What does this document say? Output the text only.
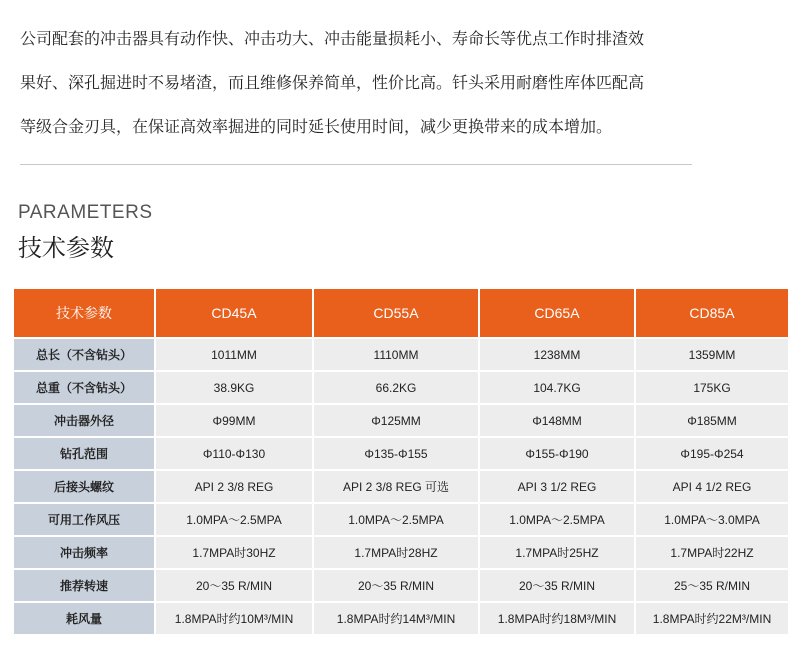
公司配套的冲击器具有动作快、冲击功大、冲击能量损耗小、寿命长等优点工作时排渣效

果好、深孔掘进时不易堵渣，而且维修保养简单，性价比高。钎头采用耐磨性库体匹配高

等级合金刃具，在保证高效率掘进的同时延长使用时间，减少更换带来的成本增加。

PARAMETERS
技术参数
技术参数	CD45A	CD55A	CD65A	CD85A
总长（不含钻头）	1011MM	1110MM	1238MM	1359MM
总重（不含钻头）	38.9KG	66.2KG	104.7KG	175KG
冲击器外径	Φ99MM	Φ125MM	Φ148MM	Φ185MM
钻孔范围	Φ110-Φ130	Φ135-Φ155	Φ155-Φ190	Φ195-Φ254
后接头螺纹	API 2 3/8 REG	API 2 3/8 REG 可选	API 3 1/2 REG	API 4 1/2 REG
可用工作风压	1.0MPA～2.5MPA	1.0MPA～2.5MPA	1.0MPA～2.5MPA	1.0MPA～3.0MPA
冲击频率	1.7MPA时30HZ	1.7MPA时28HZ	1.7MPA时25HZ	1.7MPA时22HZ
推荐转速	20～35 R/MIN	20～35 R/MIN	20～35 R/MIN	25～35 R/MIN
耗风量	1.8MPA时约10M³/MIN	1.8MPA时约14M³/MIN	1.8MPA时约18M³/MIN	1.8MPA时约22M³/MIN
